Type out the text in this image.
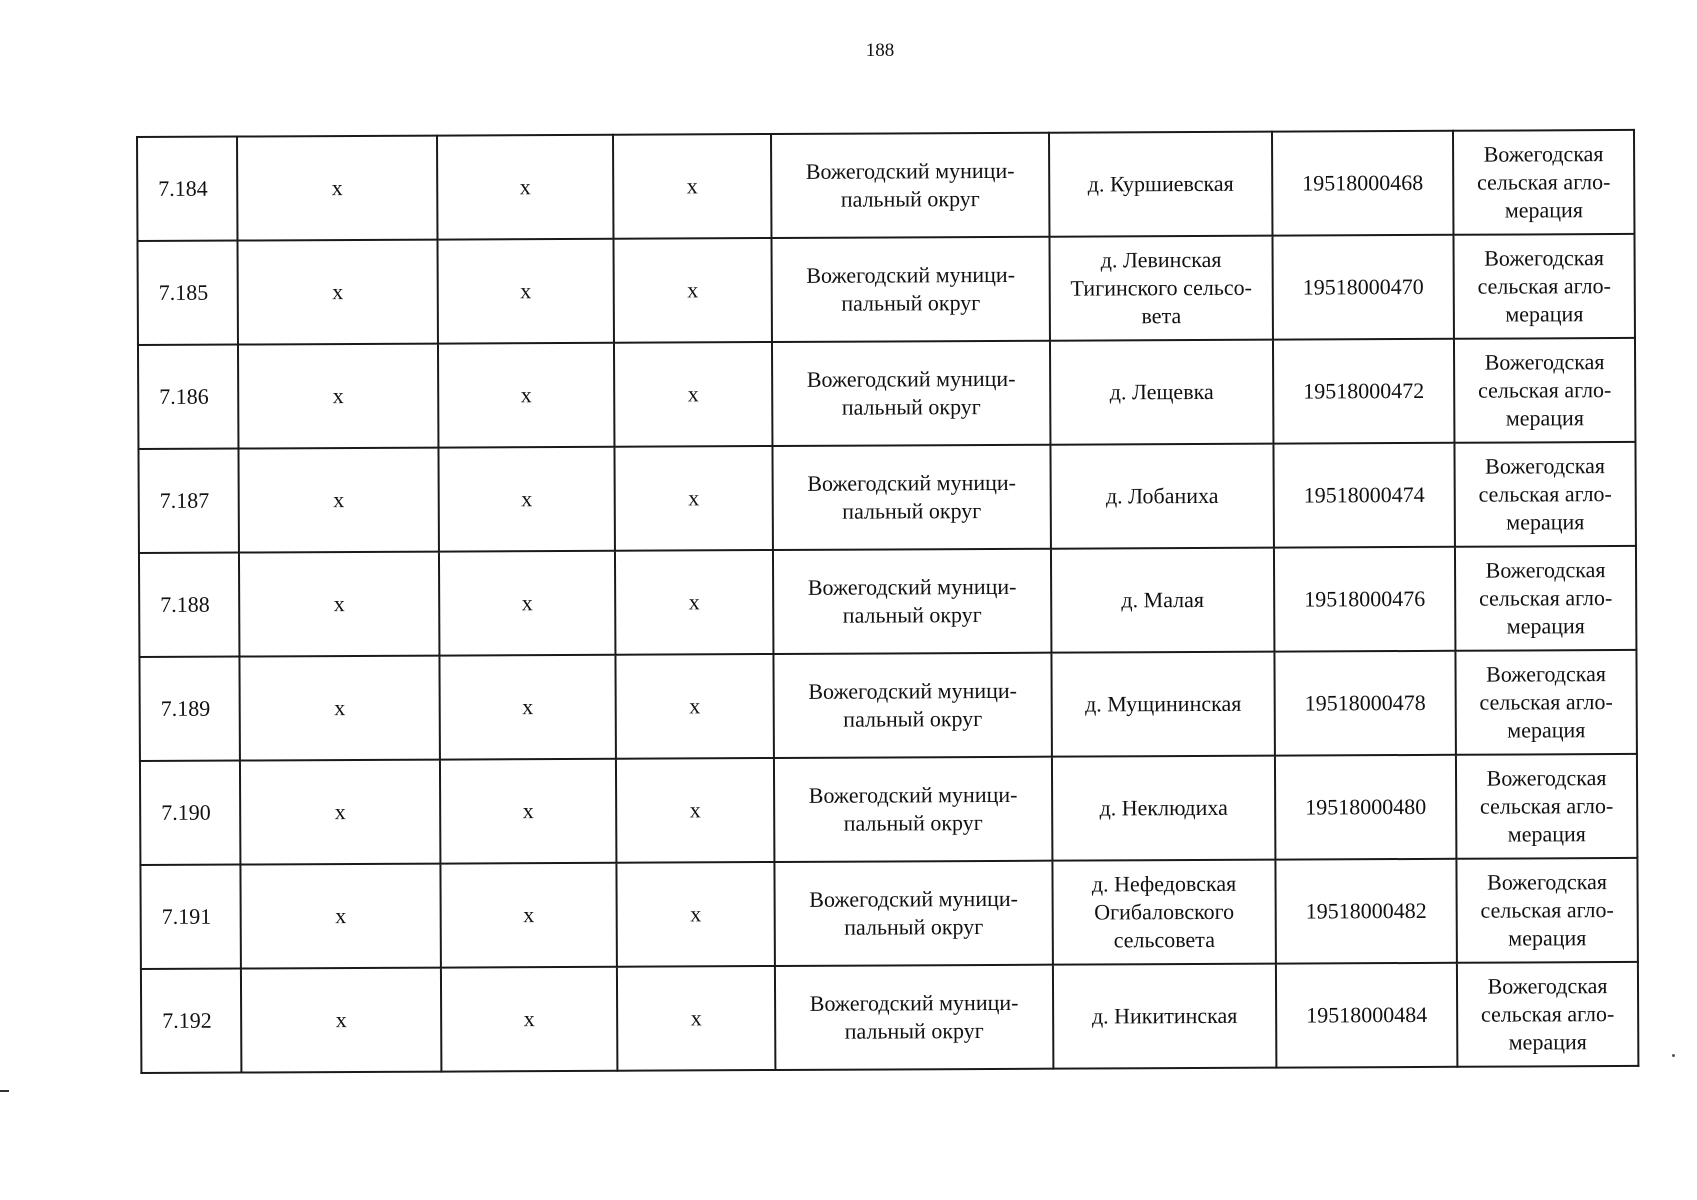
188
7.184	x	x	x	Вожегодский муници-
пальный округ	д. Куршиевская	19518000468	Вожегодская
сельская агло-
мерация

7.185	x	x	x	Вожегодский муници-
пальный округ	д. Левинская
Тигинского сельсо-
вета	19518000470	Вожегодская
сельская агло-
мерация

7.186	x	x	x	Вожегодский муници-
пальный округ	д. Лещевка	19518000472	Вожегодская
сельская агло-
мерация

7.187	x	x	x	Вожегодский муници-
пальный округ	д. Лобаниха	19518000474	Вожегодская
сельская агло-
мерация

7.188	x	x	x	Вожегодский муници-
пальный округ	д. Малая	19518000476	Вожегодская
сельская агло-
мерация

7.189	x	x	x	Вожегодский муници-
пальный округ	д. Мущининская	19518000478	Вожегодская
сельская агло-
мерация

7.190	x	x	x	Вожегодский муници-
пальный округ	д. Неклюдиха	19518000480	Вожегодская
сельская агло-
мерация

7.191	x	x	x	Вожегодский муници-
пальный округ	д. Нефедовская
Огибаловского
сельсовета	19518000482	Вожегодская
сельская агло-
мерация

7.192	x	x	x	Вожегодский муници-
пальный округ	д. Никитинская	19518000484	Вожегодская
сельская агло-
мерация
